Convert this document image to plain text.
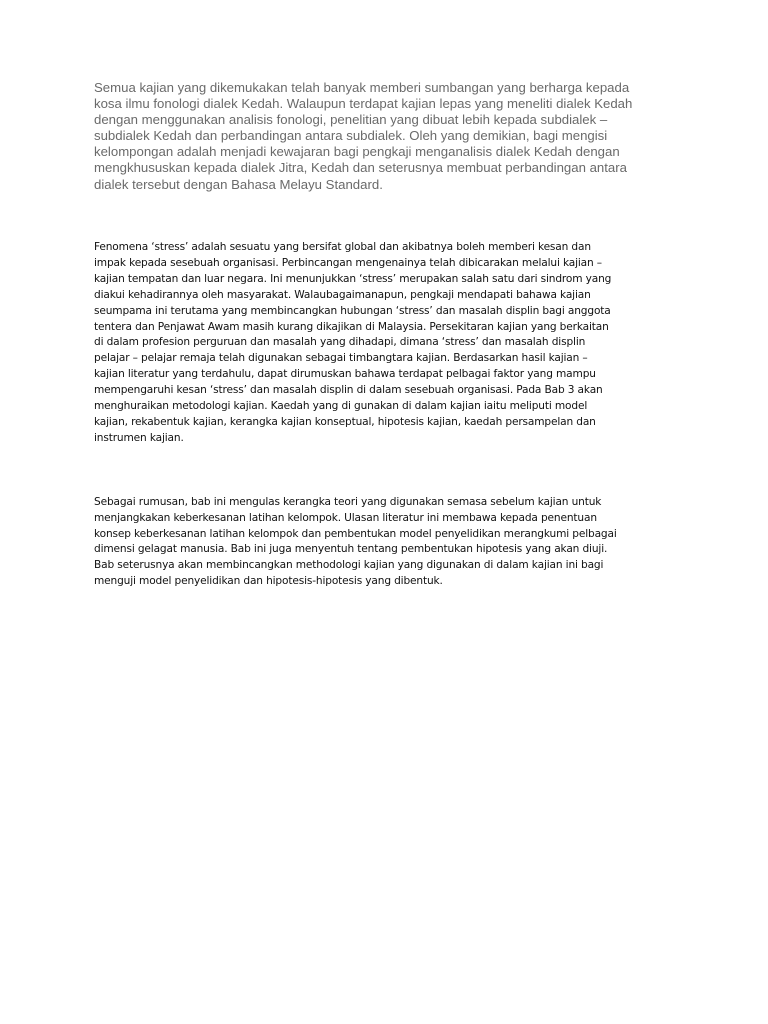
Semua kajian yang dikemukakan telah banyak memberi sumbangan yang berharga kepada
kosa ilmu fonologi dialek Kedah. Walaupun terdapat kajian lepas yang meneliti dialek Kedah
dengan menggunakan analisis fonologi, penelitian yang dibuat lebih kepada subdialek –
subdialek Kedah dan perbandingan antara subdialek. Oleh yang demikian, bagi mengisi
kelompongan adalah menjadi kewajaran bagi pengkaji menganalisis dialek Kedah dengan
mengkhususkan kepada dialek Jitra, Kedah dan seterusnya membuat perbandingan antara
dialek tersebut dengan Bahasa Melayu Standard.
Fenomena ‘stress’ adalah sesuatu yang bersifat global dan akibatnya boleh memberi kesan dan
impak kepada sesebuah organisasi. Perbincangan mengenainya telah dibicarakan melalui kajian –
kajian tempatan dan luar negara. Ini menunjukkan ‘stress’ merupakan salah satu dari sindrom yang
diakui kehadirannya oleh masyarakat. Walaubagaimanapun, pengkaji mendapati bahawa kajian
seumpama ini terutama yang membincangkan hubungan ‘stress’ dan masalah displin bagi anggota
tentera dan Penjawat Awam masih kurang dikajikan di Malaysia. Persekitaran kajian yang berkaitan
di dalam profesion perguruan dan masalah yang dihadapi, dimana ‘stress’ dan masalah displin
pelajar – pelajar remaja telah digunakan sebagai timbangtara kajian. Berdasarkan hasil kajian –
kajian literatur yang terdahulu, dapat dirumuskan bahawa terdapat pelbagai faktor yang mampu
mempengaruhi kesan ‘stress’ dan masalah displin di dalam sesebuah organisasi. Pada Bab 3 akan
menghuraikan metodologi kajian. Kaedah yang di gunakan di dalam kajian iaitu meliputi model
kajian, rekabentuk kajian, kerangka kajian konseptual, hipotesis kajian, kaedah persampelan dan
instrumen kajian.
Sebagai rumusan, bab ini mengulas kerangka teori yang digunakan semasa sebelum kajian untuk
menjangkakan keberkesanan latihan kelompok. Ulasan literatur ini membawa kepada penentuan
konsep keberkesanan latihan kelompok dan pembentukan model penyelidikan merangkumi pelbagai
dimensi gelagat manusia. Bab ini juga menyentuh tentang pembentukan hipotesis yang akan diuji.
Bab seterusnya akan membincangkan methodologi kajian yang digunakan di dalam kajian ini bagi
menguji model penyelidikan dan hipotesis-hipotesis yang dibentuk.
